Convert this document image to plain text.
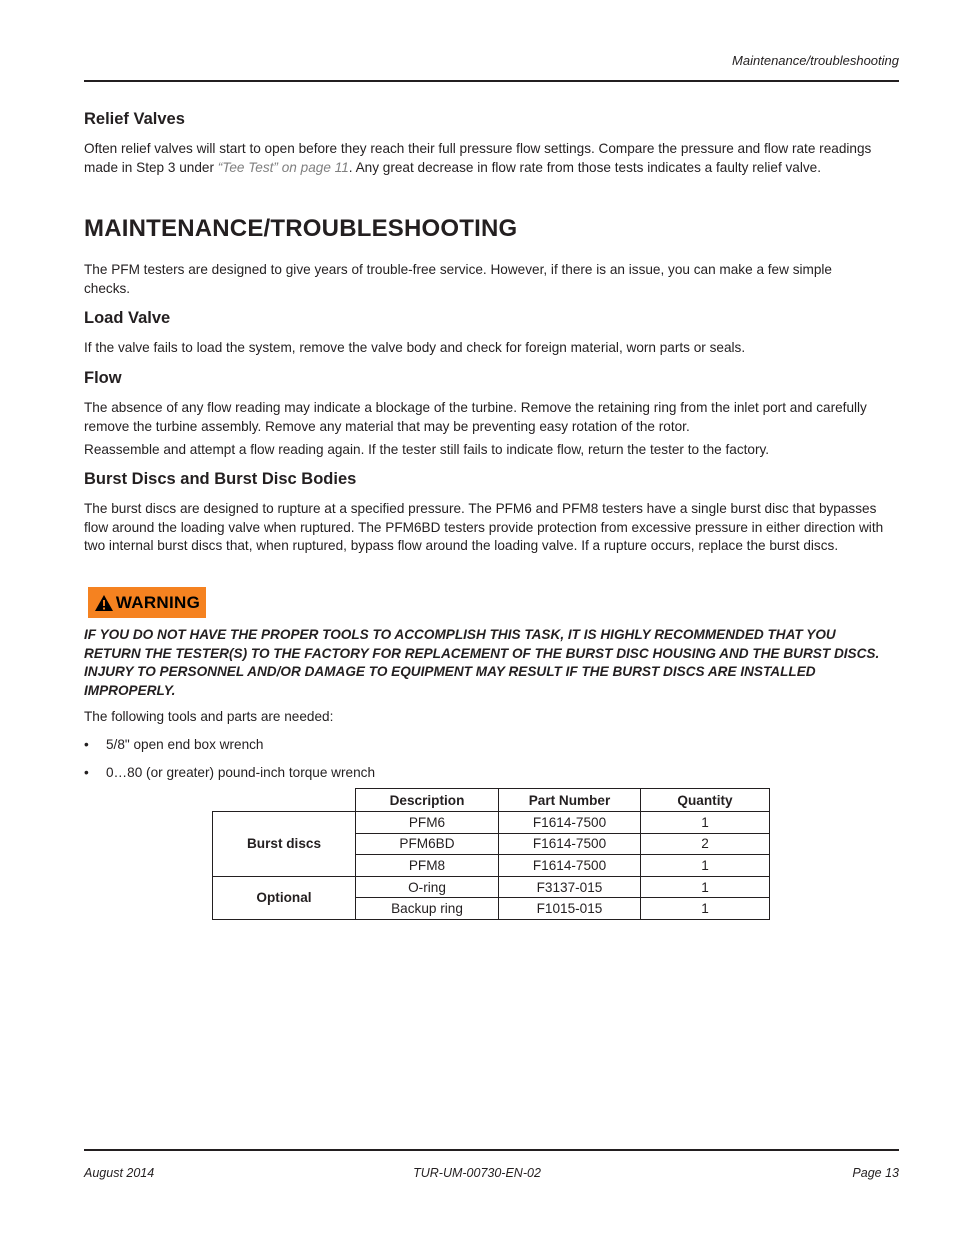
Maintenance/troubleshooting
Relief Valves

Often relief valves will start to open before they reach their full pressure flow settings. Compare the pressure and flow rate readings made in Step 3 under “Tee Test” on page 11. Any great decrease in flow rate from those tests indicates a faulty relief valve.

MAINTENANCE/TROUBLESHOOTING

The PFM testers are designed to give years of trouble-free service. However, if there is an issue, you can make a few simple checks.

Load Valve

If the valve fails to load the system, remove the valve body and check for foreign material, worn parts or seals.

Flow

The absence of any flow reading may indicate a blockage of the turbine. Remove the retaining ring from the inlet port and carefully remove the turbine assembly. Remove any material that may be preventing easy rotation of the rotor.

Reassemble and attempt a flow reading again. If the tester still fails to indicate flow, return the tester to the factory.

Burst Discs and Burst Disc Bodies

The burst discs are designed to rupture at a specified pressure. The PFM6 and PFM8 testers have a single burst disc that bypasses flow around the loading valve when ruptured. The PFM6BD testers provide protection from excessive pressure in either direction with two internal burst discs that, when ruptured, bypass flow around the loading valve. If a rupture occurs, replace the burst discs.

WARNING

IF YOU DO NOT HAVE THE PROPER TOOLS TO ACCOMPLISH THIS TASK, IT IS HIGHLY RECOMMENDED THAT YOU RETURN THE TESTER(S) TO THE FACTORY FOR REPLACEMENT OF THE BURST DISC HOUSING AND THE BURST DISCS. INJURY TO PERSONNEL AND/OR DAMAGE TO EQUIPMENT MAY RESULT IF THE BURST DISCS ARE INSTALLED IMPROPERLY.

The following tools and parts are needed:

• 5/8" open end box wrench
• 0…80 (or greater) pound-inch torque wrench
	Description	Part Number	Quantity
Burst discs	PFM6	F1614-7500	1
	PFM6BD	F1614-7500	2
	PFM8	F1614-7500	1
Optional	O-ring	F3137-015	1
	Backup ring	F1015-015	1
August 2014	TUR-UM-00730-EN-02	Page 13
